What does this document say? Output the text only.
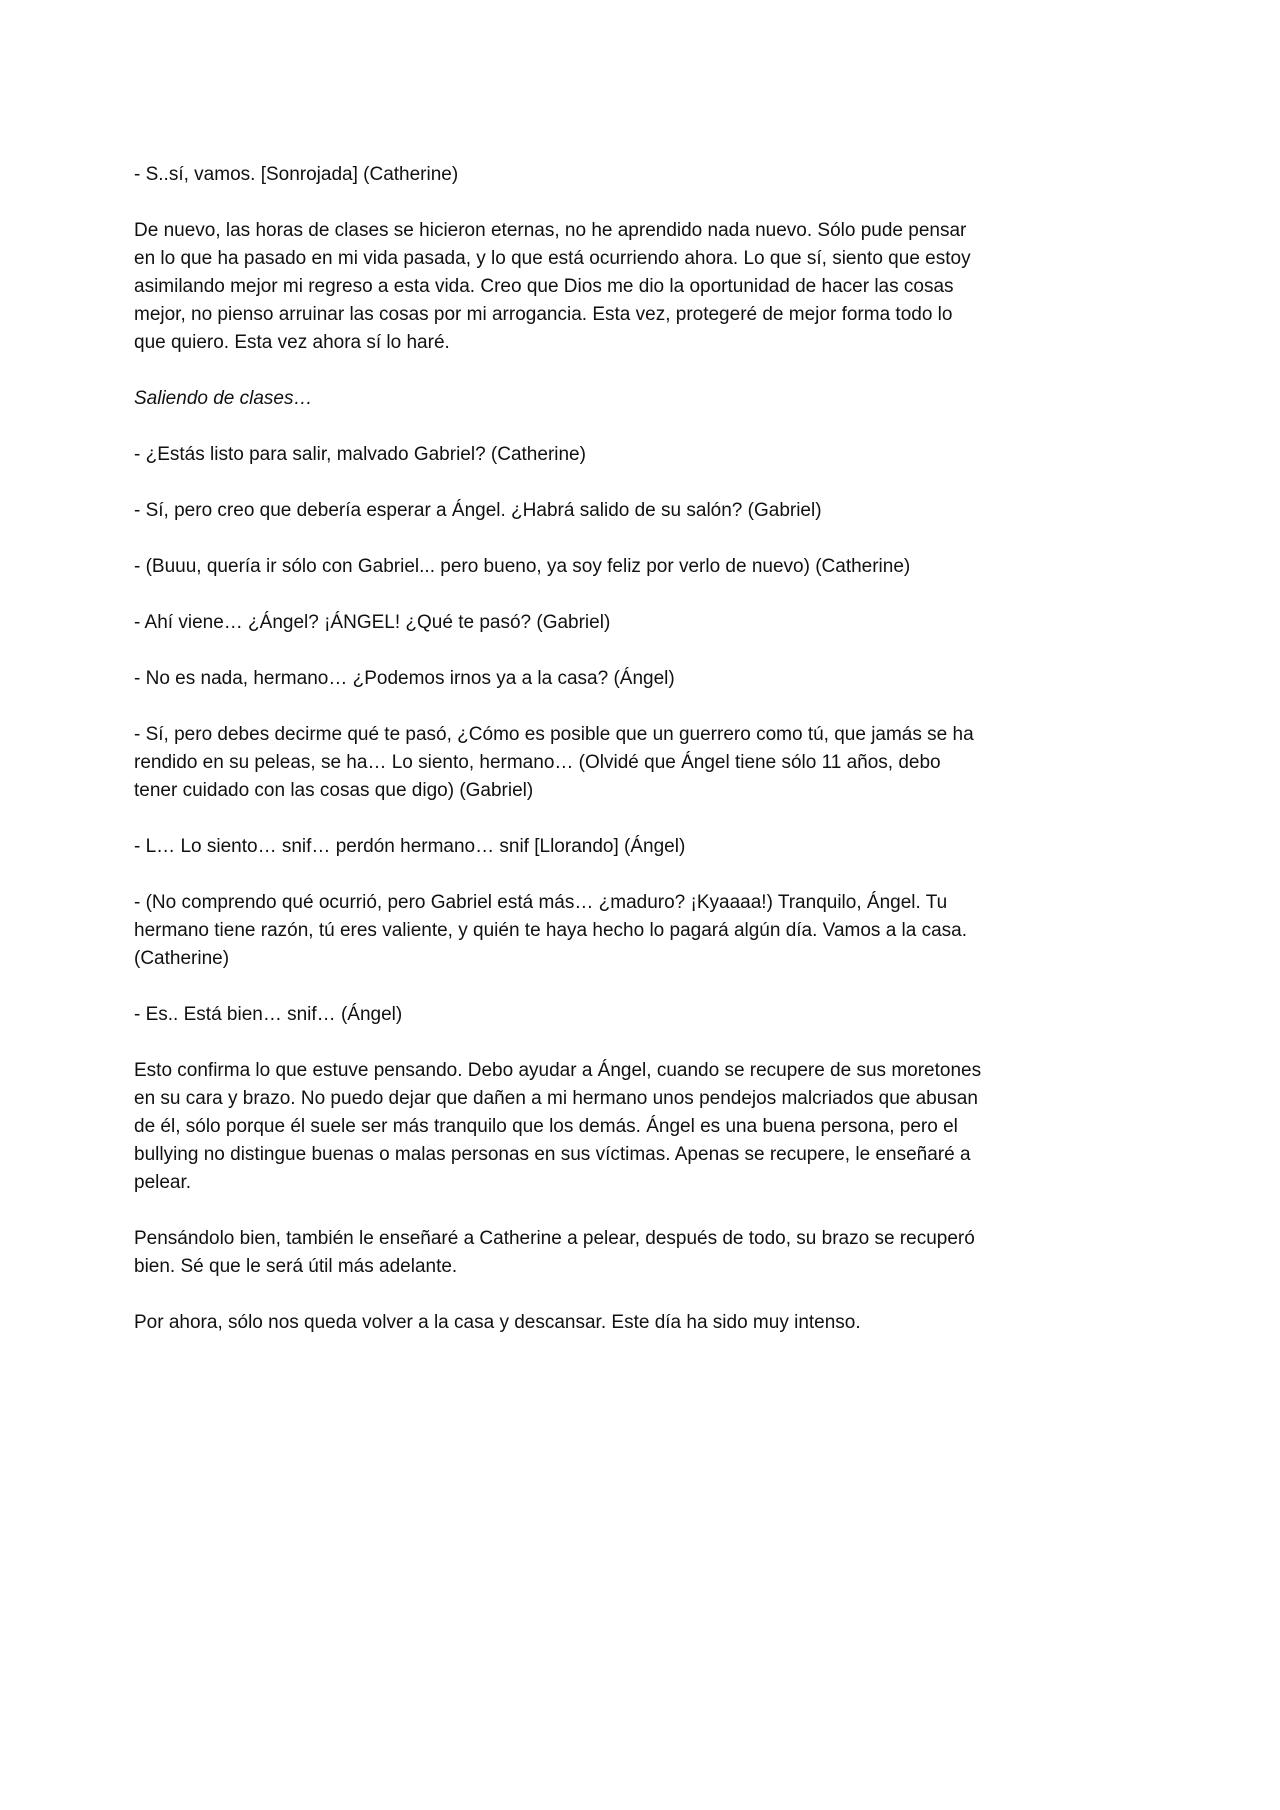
- S..sí, vamos. [Sonrojada] (Catherine)

De nuevo, las horas de clases se hicieron eternas, no he aprendido nada nuevo. Sólo pude pensar en lo que ha pasado en mi vida pasada, y lo que está ocurriendo ahora. Lo que sí, siento que estoy asimilando mejor mi regreso a esta vida. Creo que Dios me dio la oportunidad de hacer las cosas mejor, no pienso arruinar las cosas por mi arrogancia. Esta vez, protegeré de mejor forma todo lo que quiero. Esta vez ahora sí lo haré.

Saliendo de clases…

- ¿Estás listo para salir, malvado Gabriel? (Catherine)

- Sí, pero creo que debería esperar a Ángel. ¿Habrá salido de su salón? (Gabriel)

- (Buuu, quería ir sólo con Gabriel... pero bueno, ya soy feliz por verlo de nuevo) (Catherine)

- Ahí viene… ¿Ángel? ¡ÁNGEL! ¿Qué te pasó? (Gabriel)

- No es nada, hermano… ¿Podemos irnos ya a la casa? (Ángel)

- Sí, pero debes decirme qué te pasó, ¿Cómo es posible que un guerrero como tú, que jamás se ha rendido en su peleas, se ha… Lo siento, hermano… (Olvidé que Ángel tiene sólo 11 años, debo tener cuidado con las cosas que digo) (Gabriel)

- L… Lo siento… snif… perdón hermano… snif [Llorando] (Ángel)

- (No comprendo qué ocurrió, pero Gabriel está más… ¿maduro? ¡Kyaaaa!) Tranquilo, Ángel. Tu hermano tiene razón, tú eres valiente, y quién te haya hecho lo pagará algún día. Vamos a la casa. (Catherine)

- Es.. Está bien… snif… (Ángel)

Esto confirma lo que estuve pensando. Debo ayudar a Ángel, cuando se recupere de sus moretones en su cara y brazo. No puedo dejar que dañen a mi hermano unos pendejos malcriados que abusan de él, sólo porque él suele ser más tranquilo que los demás. Ángel es una buena persona, pero el bullying no distingue buenas o malas personas en sus víctimas. Apenas se recupere, le enseñaré a pelear.

Pensándolo bien, también le enseñaré a Catherine a pelear, después de todo, su brazo se recuperó bien. Sé que le será útil más adelante.

Por ahora, sólo nos queda volver a la casa y descansar. Este día ha sido muy intenso.
